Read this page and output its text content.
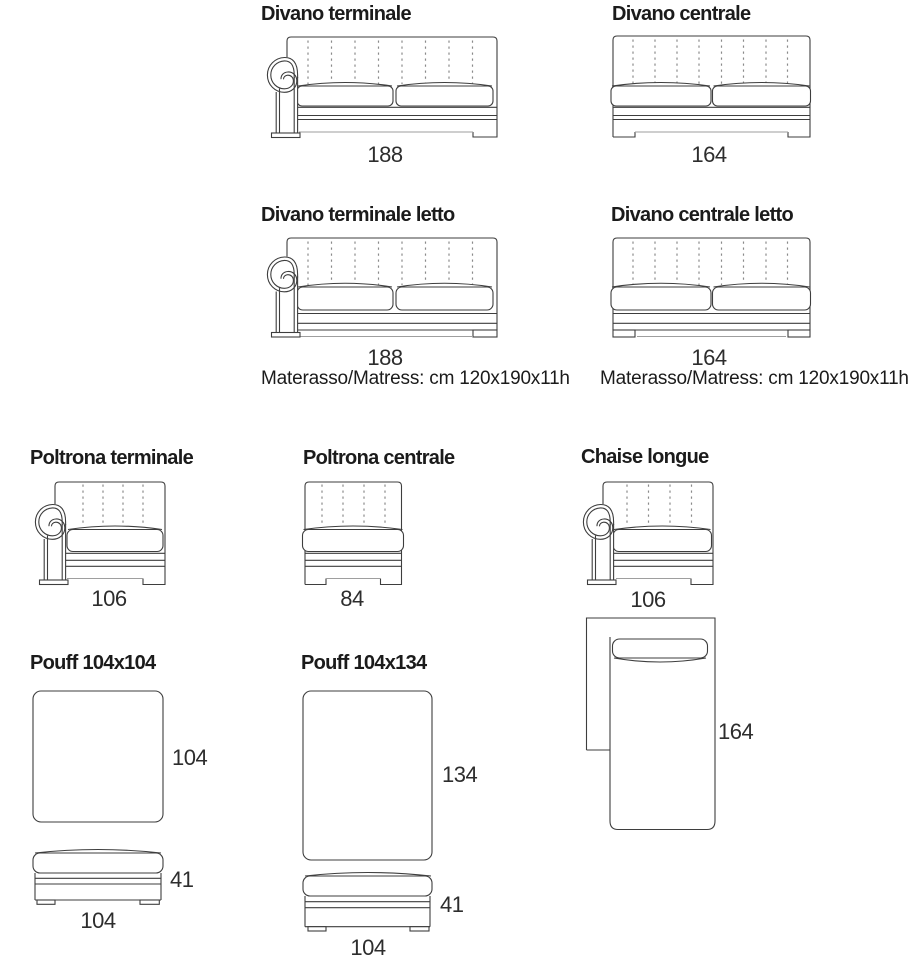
Divano terminale	Divano centrale
188	164
Divano terminale letto	Divano centrale letto
188	164
Materasso/Matress: cm 120x190x11h Materasso/Matress: cm 120x190x11h
Poltrona terminale	Poltrona centrale	Chaise longue
106	84	106
164
Pouff 104x104	Pouff 104x134
104
41
104
134
41
104
